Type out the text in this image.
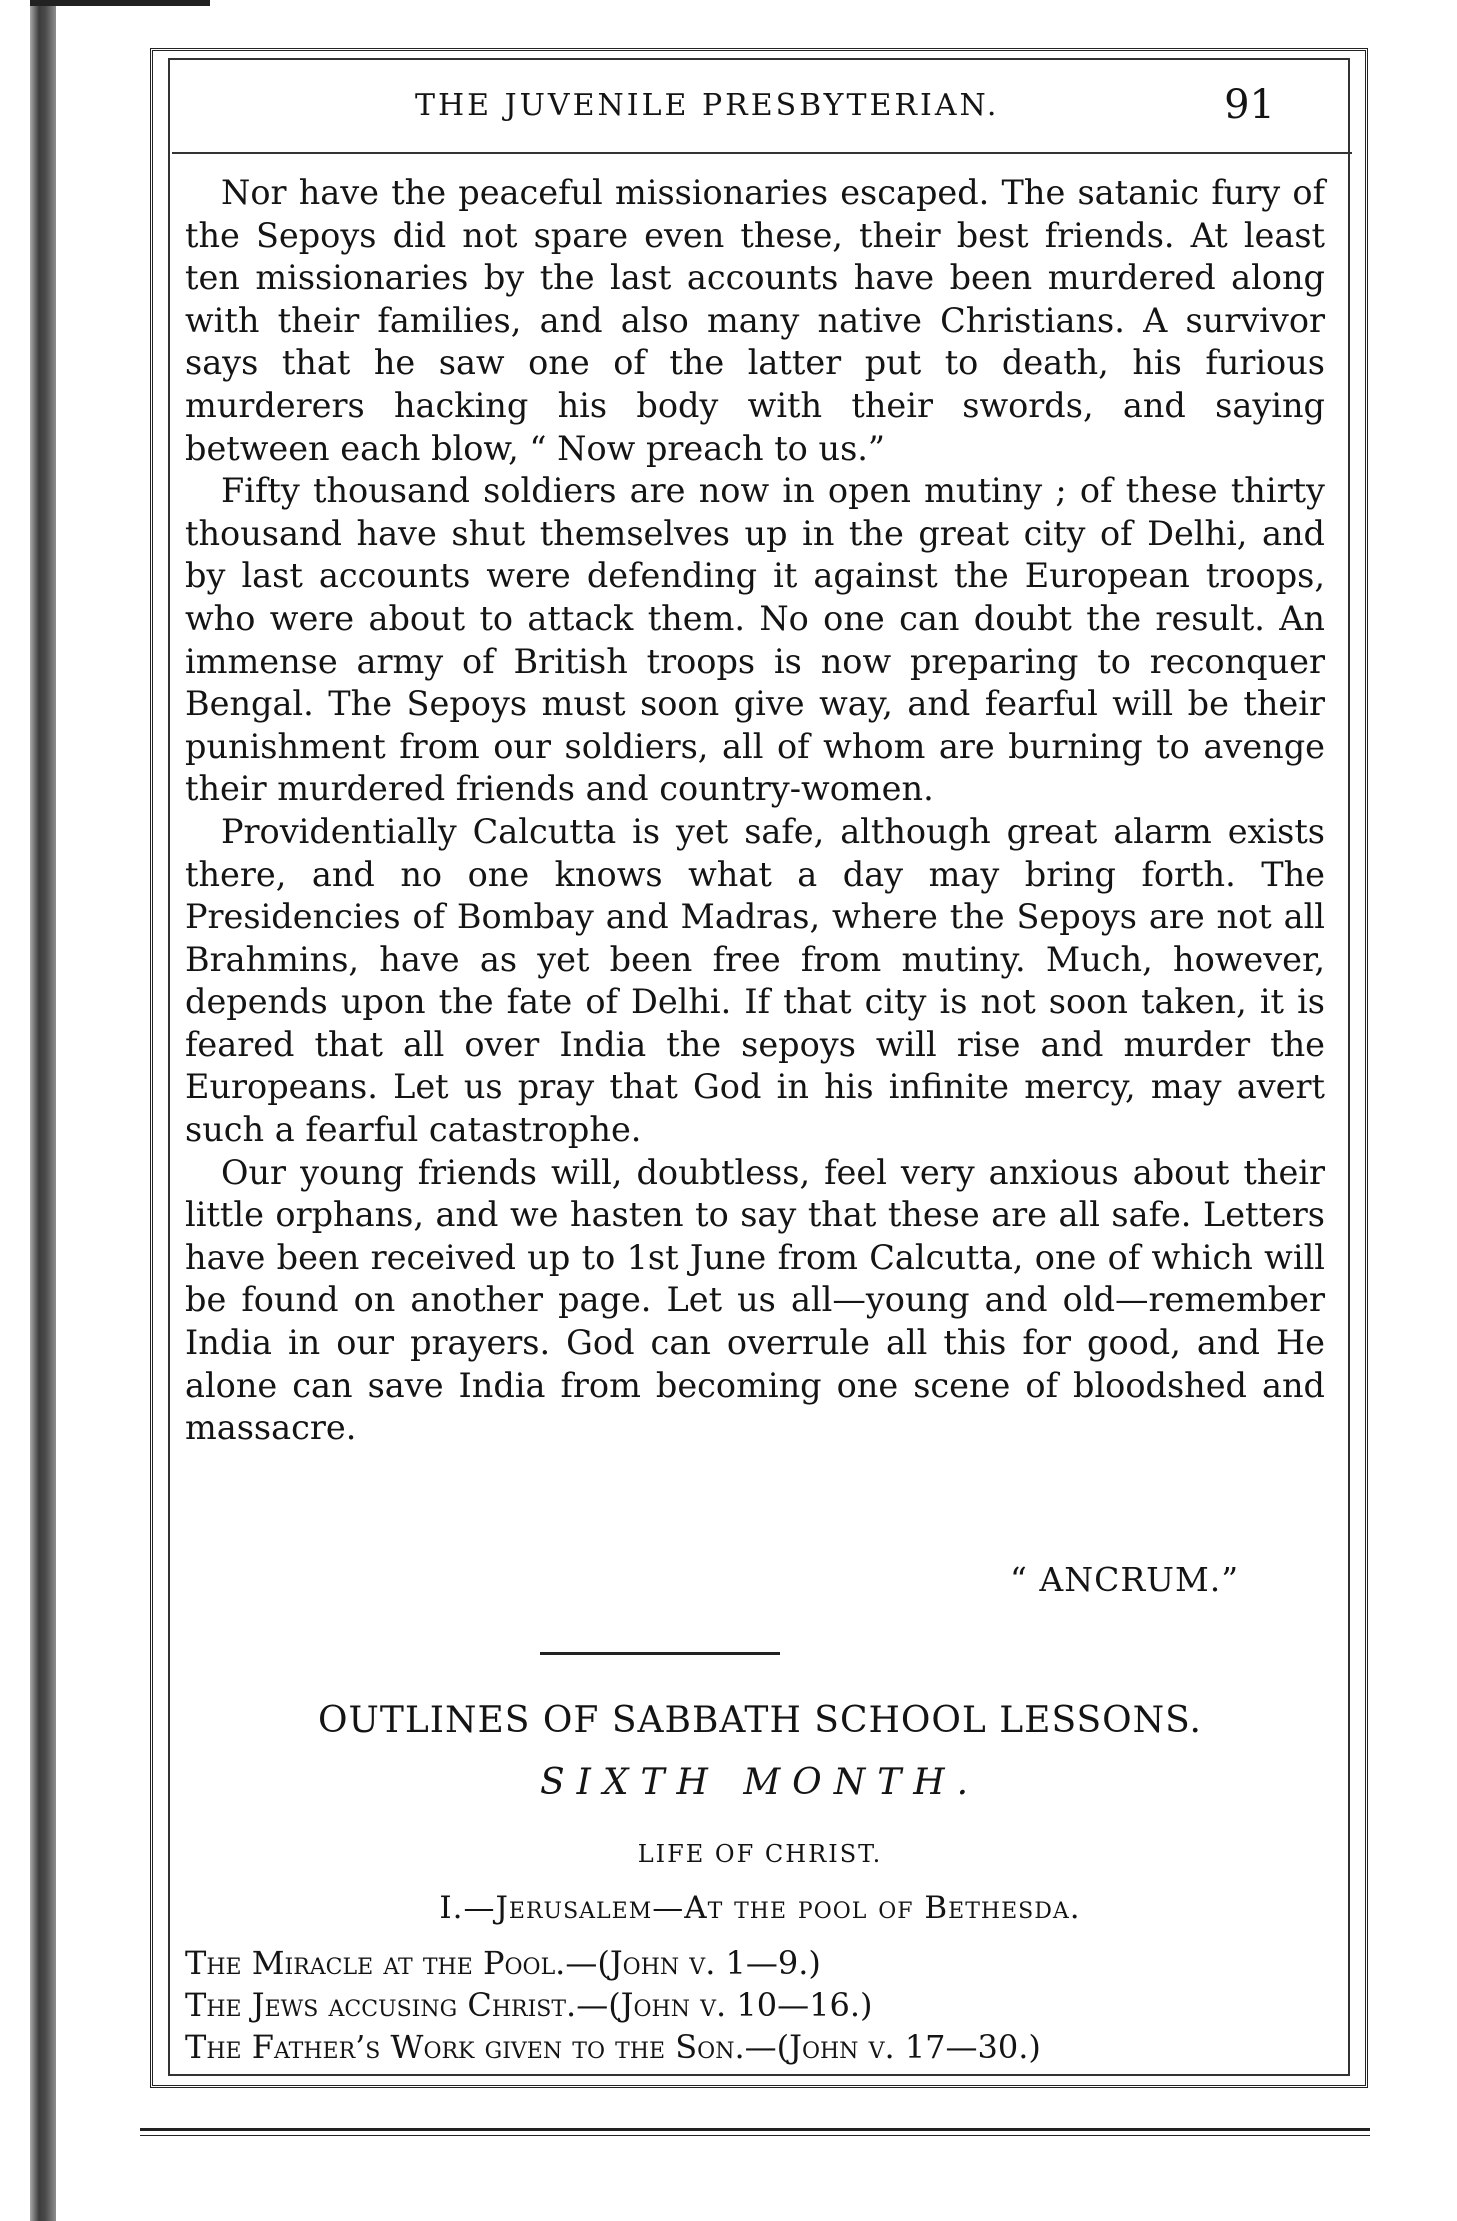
THE JUVENILE PRESBYTERIAN.	91

Nor have the peaceful missionaries escaped. The satanic fury of the Sepoys did not spare even these, their best friends. At least ten missionaries by the last accounts have been murdered along with their families, and also many native Christians. A survivor says that he saw one of the latter put to death, his furious murderers hacking his body with their swords, and saying between each blow, “ Now preach to us.”

Fifty thousand soldiers are now in open mutiny ; of these thirty thousand have shut themselves up in the great city of Delhi, and by last accounts were defending it against the European troops, who were about to attack them. No one can doubt the result. An immense army of British troops is now preparing to reconquer Bengal. The Sepoys must soon give way, and fearful will be their punishment from our soldiers, all of whom are burning to avenge their murdered friends and country-women.

Providentially Calcutta is yet safe, although great alarm exists there, and no one knows what a day may bring forth. The Presidencies of Bombay and Madras, where the Sepoys are not all Brahmins, have as yet been free from mutiny. Much, however, depends upon the fate of Delhi. If that city is not soon taken, it is feared that all over India the sepoys will rise and murder the Europeans. Let us pray that God in his infinite mercy, may avert such a fearful catastrophe.

Our young friends will, doubtless, feel very anxious about their little orphans, and we hasten to say that these are all safe. Letters have been received up to 1st June from Calcutta, one of which will be found on another page. Let us all—young and old—remember India in our prayers. God can overrule all this for good, and He alone can save India from becoming one scene of bloodshed and massacre.

“ ANCRUM.”
OUTLINES OF SABBATH SCHOOL LESSONS.
SIXTH MONTH.
LIFE OF CHRIST.
I.—Jerusalem—At the pool of Bethesda.
The Miracle at the Pool.—(John v. 1—9.)
The Jews accusing Christ.—(John v. 10—16.)
The Father’s Work given to the Son.—(John v. 17—30.)
